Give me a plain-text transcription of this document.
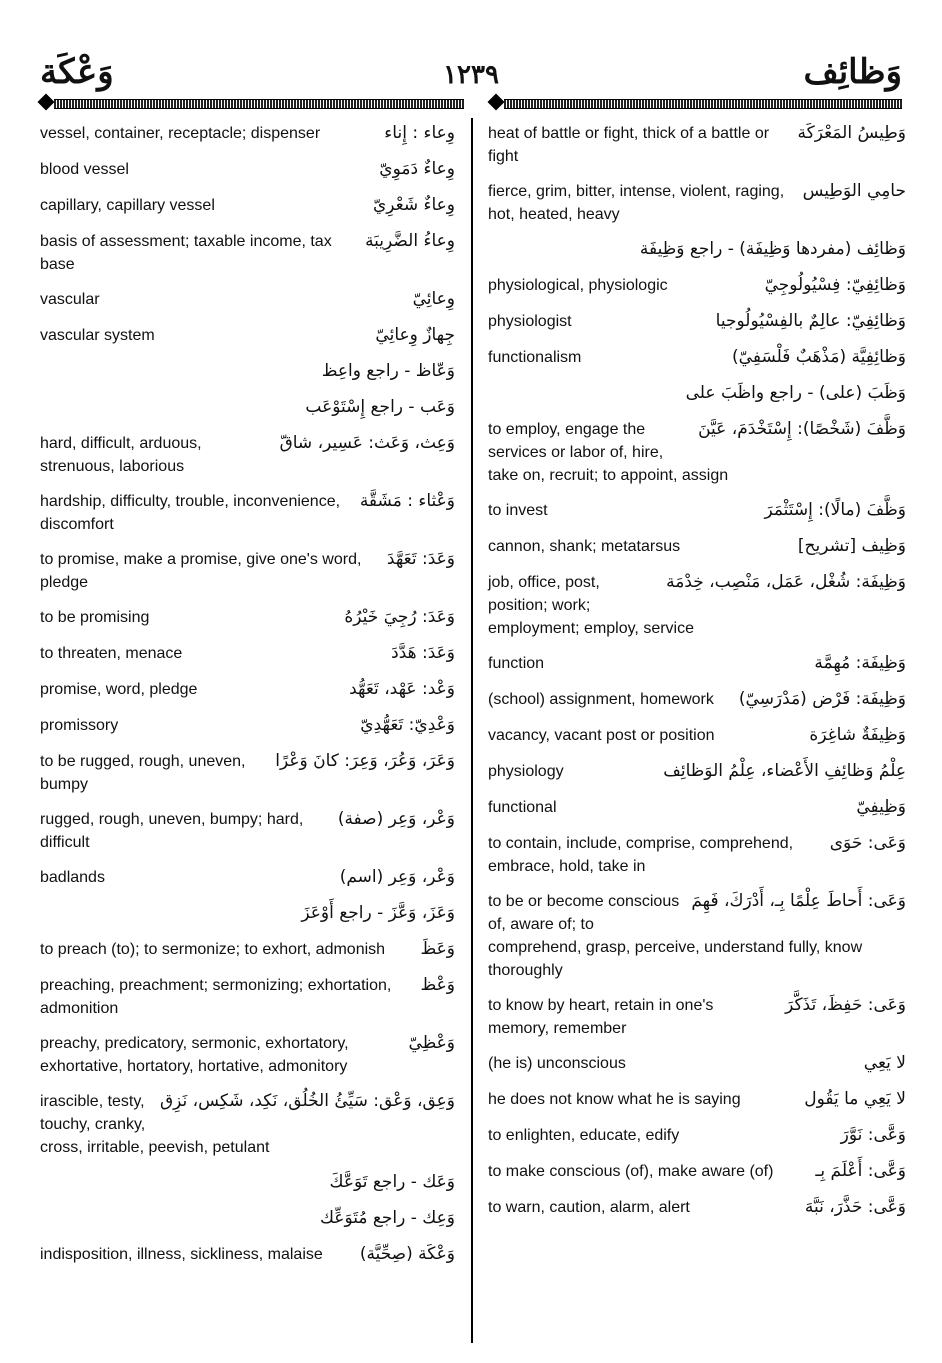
وَظائِف
١٢٣٩
وَعْكَة
وِعاء : إِناء
vessel, container, receptacle; dispenser
وِعاءٌ دَمَوِيّ
blood vessel
وِعاءٌ شَعْرِيّ
capillary, capillary vessel
وِعاءُ الضَّرِيبَة
basis of assessment; taxable income, tax base
وِعائِيّ
vascular
جِهازٌ وِعائِيّ
vascular system
وَعّاظ - راجع واعِظ
وَعَب - راجع إِسْتَوْعَب
وَعِث، وَعَث: عَسِير، شاقّ
hard, difficult, arduous, strenuous, laborious
وَعْثاء : مَشَقَّة
hardship, difficulty, trouble, inconvenience, discomfort
وَعَدَ: تَعَهَّدَ
to promise, make a promise, give one's word, pledge
وَعَدَ: رُجِيَ خَيْرُهُ
to be promising
وَعَدَ: هَدَّدَ
to threaten, menace
وَعْد: عَهْد، تَعَهُّد
promise, word, pledge
وَعْدِيّ: تَعَهُّدِيّ
promissory
وَعَرَ، وَعُرَ، وَعِرَ: كانَ وَعْرًا
to be rugged, rough, uneven, bumpy
وَعْر، وَعِر (صفة)
rugged, rough, uneven, bumpy; hard, difficult
وَعْر، وَعِر (اسم)
badlands
وَعَزَ، وَعَّزَ - راجع أَوْعَزَ
وَعَظَ
to preach (to); to sermonize; to exhort, admonish
وَعْظ
preaching, preachment; sermonizing; exhortation, admonition
وَعْظِيّ
preachy, predicatory, sermonic, exhortatory, exhortative, hortatory, hortative, admonitory
وَعِق، وَعْق: سَيِّئُ الخُلُق، نَكِد، شَكِس، نَزِق
irascible, testy, touchy, cranky, cross, irritable, peevish, petulant
وَعَك - راجع تَوَعَّكَ
وَعِك - راجع مُتَوَعِّك
وَعْكَة (صِحِّيَّة)
indisposition, illness, sickliness, malaise
وَطِيسُ المَعْرَكَة
heat of battle or fight, thick of a battle or fight
حامِي الوَطِيس
fierce, grim, bitter, intense, violent, raging, hot, heated, heavy
وَظائِف (مفردها وَظِيفَة) - راجع وَظِيفَة
وَظائِفِيّ: فِسْيُولُوجِيّ
physiological, physiologic
وَظائِفِيّ: عالِمٌ بالفِسْيُولُوجيا
physiologist
وَظائِفِيَّة (مَذْهَبٌ فَلْسَفِيّ)
functionalism
وَظَبَ (على) - راجع واظَبَ على
وَظَّفَ (شَخْصًا): إِسْتَخْدَمَ، عَيَّنَ
to employ, engage the services or labor of, hire, take on, recruit; to appoint, assign
وَظَّفَ (مالًا): إِسْتَثْمَرَ
to invest
وَظِيف [تشريح]
cannon, shank; metatarsus
وَظِيفَة: شُغْل، عَمَل، مَنْصِب، خِدْمَة
job, office, post, position; work; employment; employ, service
وَظِيفَة: مُهِمَّة
function
وَظِيفَة: فَرْض (مَدْرَسِيّ)
(school) assignment, homework
وَظِيفَةٌ شاغِرَة
vacancy, vacant post or position
عِلْمُ وَظائِفِ الأَعْضاء، عِلْمُ الوَظائِف
physiology
وَظِيفِيّ
functional
وَعَى: حَوَى
to contain, include, comprise, comprehend, embrace, hold, take in
وَعَى: أَحاطَ عِلْمًا بِـ، أَدْرَكَ، فَهِمَ
to be or become conscious of, aware of; to comprehend, grasp, perceive, understand fully, know thoroughly
وَعَى: حَفِظَ، تَذَكَّرَ
to know by heart, retain in one's memory, remember
لا يَعِي
(he is) unconscious
لا يَعِي ما يَقُول
he does not know what he is saying
وَعَّى: نَوَّرَ
to enlighten, educate, edify
وَعَّى: أَعْلَمَ بِـ
to make conscious (of), make aware (of)
وَعَّى: حَذَّرَ، نَبَّهَ
to warn, caution, alarm, alert
